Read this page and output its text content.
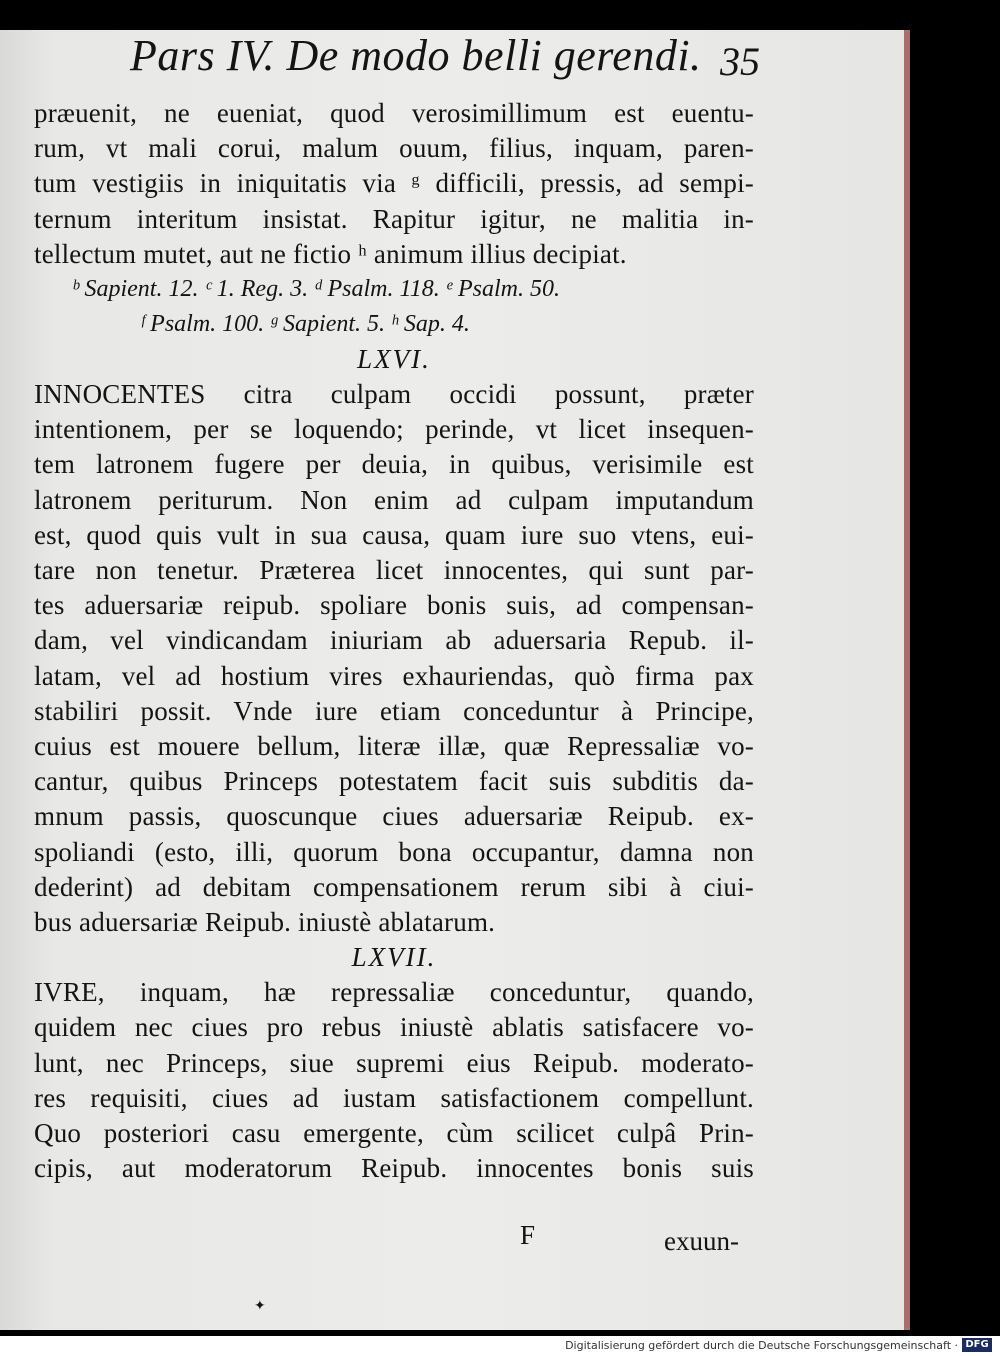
Pars IV. De modo belli gerendi. 35
præuenit, ne eueniat, quod verosimillimum est euentu-
rum, vt mali corui, malum ouum, filius, inquam, paren-
tum vestigiis in iniquitatis via ᵍ difficili, pressis, ad sempi-
ternum interitum insistat. Rapitur igitur, ne malitia in-
tellectum mutet, aut ne fictio ʰ animum illius decipiat.
ᵇ Sapient. 12. ᶜ 1. Reg. 3. ᵈ Psalm. 118. ᵉ Psalm. 50.
ᶠ Psalm. 100. ᵍ Sapient. 5. ʰ Sap. 4.
LXVI.
INNOCENTES citra culpam occidi possunt, præter
intentionem, per se loquendo; perinde, vt licet insequen-
tem latronem fugere per deuia, in quibus, verisimile est
latronem periturum. Non enim ad culpam imputandum
est, quod quis vult in sua causa, quam iure suo vtens, eui-
tare non tenetur. Præterea licet innocentes, qui sunt par-
tes aduersariæ reipub. spoliare bonis suis, ad compensan-
dam, vel vindicandam iniuriam ab aduersaria Repub. il-
latam, vel ad hostium vires exhauriendas, quò firma pax
stabiliri possit. Vnde iure etiam conceduntur à Principe,
cuius est mouere bellum, literæ illæ, quæ Repressaliæ vo-
cantur, quibus Princeps potestatem facit suis subditis da-
mnum passis, quoscunque ciues aduersariæ Reipub. ex-
spoliandi (esto, illi, quorum bona occupantur, damna non
dederint) ad debitam compensationem rerum sibi à ciui-
bus aduersariæ Reipub. iniustè ablatarum.
LXVII.
IVRE, inquam, hæ repressaliæ conceduntur, quando,
quidem nec ciues pro rebus iniustè ablatis satisfacere vo-
lunt, nec Princeps, siue supremi eius Reipub. moderato-
res requisiti, ciues ad iustam satisfactionem compellunt.
Quo posteriori casu emergente, cùm scilicet culpâ Prin-
cipis, aut moderatorum Reipub. innocentes bonis suis
F	exuun-
✦
Digitalisierung gefördert durch die Deutsche Forschungsgemeinschaft · DFG
